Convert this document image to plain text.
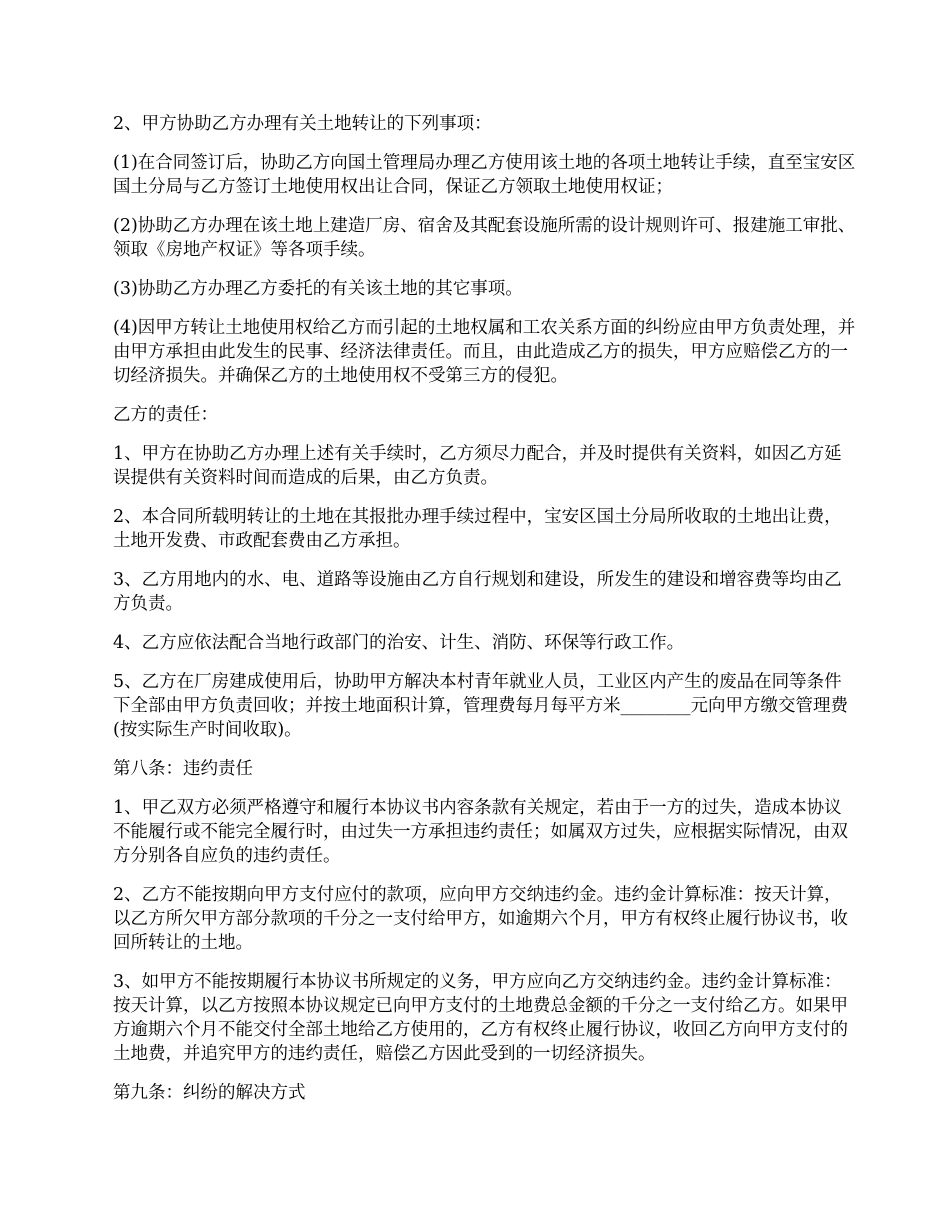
2、甲方协助乙方办理有关土地转让的下列事项：

(1)在合同签订后，协助乙方向国土管理局办理乙方使用该土地的各项土地转让手续，直至宝安区国土分局与乙方签订土地使用权出让合同，保证乙方领取土地使用权证；

(2)协助乙方办理在该土地上建造厂房、宿舍及其配套设施所需的设计规则许可、报建施工审批、领取《房地产权证》等各项手续。

(3)协助乙方办理乙方委托的有关该土地的其它事项。

(4)因甲方转让土地使用权给乙方而引起的土地权属和工农关系方面的纠纷应由甲方负责处理，并由甲方承担由此发生的民事、经济法律责任。而且，由此造成乙方的损失，甲方应赔偿乙方的一切经济损失。并确保乙方的土地使用权不受第三方的侵犯。

乙方的责任：

1、甲方在协助乙方办理上述有关手续时，乙方须尽力配合，并及时提供有关资料，如因乙方延误提供有关资料时间而造成的后果，由乙方负责。

2、本合同所载明转让的土地在其报批办理手续过程中，宝安区国土分局所收取的土地出让费，土地开发费、市政配套费由乙方承担。

3、乙方用地内的水、电、道路等设施由乙方自行规划和建设，所发生的建设和增容费等均由乙方负责。

4、乙方应依法配合当地行政部门的治安、计生、消防、环保等行政工作。

5、乙方在厂房建成使用后，协助甲方解决本村青年就业人员，工业区内产生的废品在同等条件下全部由甲方负责回收；并按土地面积计算，管理费每月每平方米________元向甲方缴交管理费(按实际生产时间收取)。

第八条：违约责任

1、甲乙双方必须严格遵守和履行本协议书内容条款有关规定，若由于一方的过失，造成本协议不能履行或不能完全履行时，由过失一方承担违约责任；如属双方过失，应根据实际情况，由双方分别各自应负的违约责任。

2、乙方不能按期向甲方支付应付的款项，应向甲方交纳违约金。违约金计算标准：按天计算，以乙方所欠甲方部分款项的千分之一支付给甲方，如逾期六个月，甲方有权终止履行协议书，收回所转让的土地。

3、如甲方不能按期履行本协议书所规定的义务，甲方应向乙方交纳违约金。违约金计算标准：按天计算，以乙方按照本协议规定已向甲方支付的土地费总金额的千分之一支付给乙方。如果甲方逾期六个月不能交付全部土地给乙方使用的，乙方有权终止履行协议，收回乙方向甲方支付的土地费，并追究甲方的违约责任，赔偿乙方因此受到的一切经济损失。

第九条：纠纷的解决方式
